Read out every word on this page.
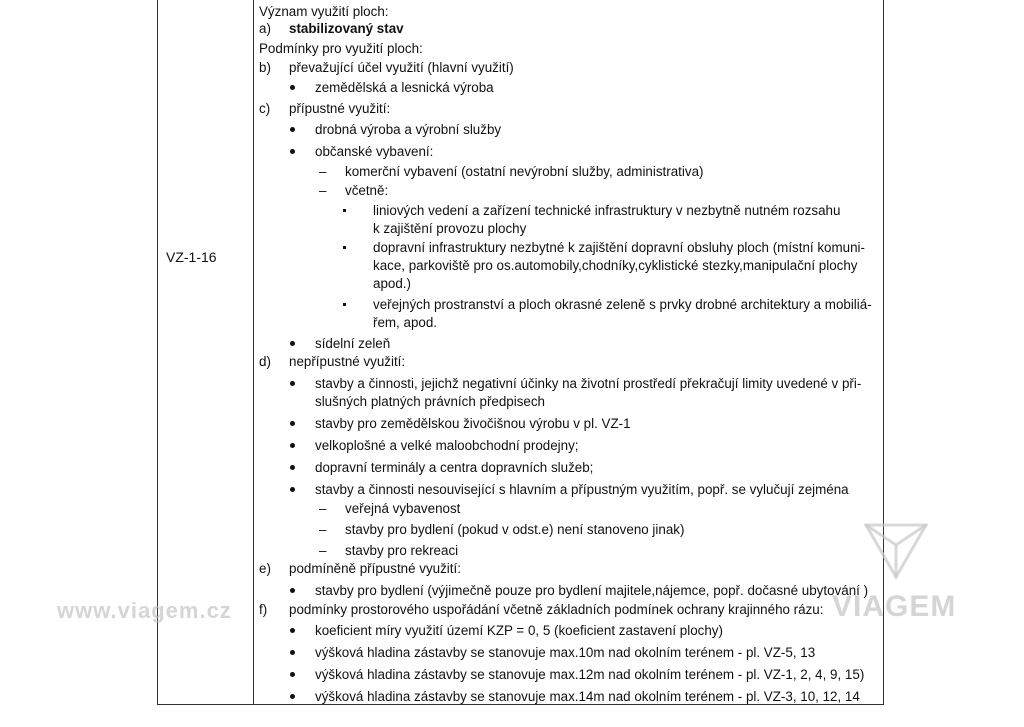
VZ-1-16
Význam využití ploch:
a)	stabilizovaný stav
Podmínky pro využití ploch:
b)	převažující účel využití (hlavní využití)
zemědělská a lesnická výroba
c)	přípustné využití:
drobná výroba a výrobní služby
občanské vybavení:
– komerční vybavení (ostatní nevýrobní služby, administrativa)
– včetně:
liniových vedení a zařízení technické infrastruktury v nezbytně nutném rozsahu
k zajištění provozu plochy
dopravní infrastruktury nezbytné k zajištění dopravní obsluhy ploch (místní komuni-
kace, parkoviště pro os.automobily,chodníky,cyklistické stezky,manipulační plochy
apod.)
veřejných prostranství a ploch okrasné zeleně s prvky drobné architektury a mobiliá-
řem, apod.
sídelní zeleň
d)	nepřípustné využití:
stavby a činnosti, jejichž negativní účinky na životní prostředí překračují limity uvedené v při-
slušných platných právních předpisech
stavby pro zemědělskou živočišnou výrobu v pl. VZ-1
velkoplošné a velké maloobchodní prodejny;
dopravní terminály a centra dopravních služeb;
stavby a činnosti nesouvisející s hlavním a přípustným využitím, popř. se vylučují zejména
– veřejná vybavenost
– stavby pro bydlení (pokud v odst.e) není stanoveno jinak)
– stavby pro rekreaci
e)	podmíněně přípustné využití:
stavby pro bydlení (výjimečně pouze pro bydlení majitele,nájemce, popř. dočasné ubytování )
f)	podmínky prostorového uspořádání včetně základních podmínek ochrany krajinného rázu:
koeficient míry využití území KZP = 0, 5 (koeficient zastavení plochy)
výšková hladina zástavby se stanovuje max.10m nad okolním terénem - pl. VZ-5, 13
výšková hladina zástavby se stanovuje max.12m nad okolním terénem - pl. VZ-1, 2, 4, 9, 15)
výšková hladina zástavby se stanovuje max.14m nad okolním terénem - pl. VZ-3, 10, 12, 14
www.viagem.cz	VIAGEM
